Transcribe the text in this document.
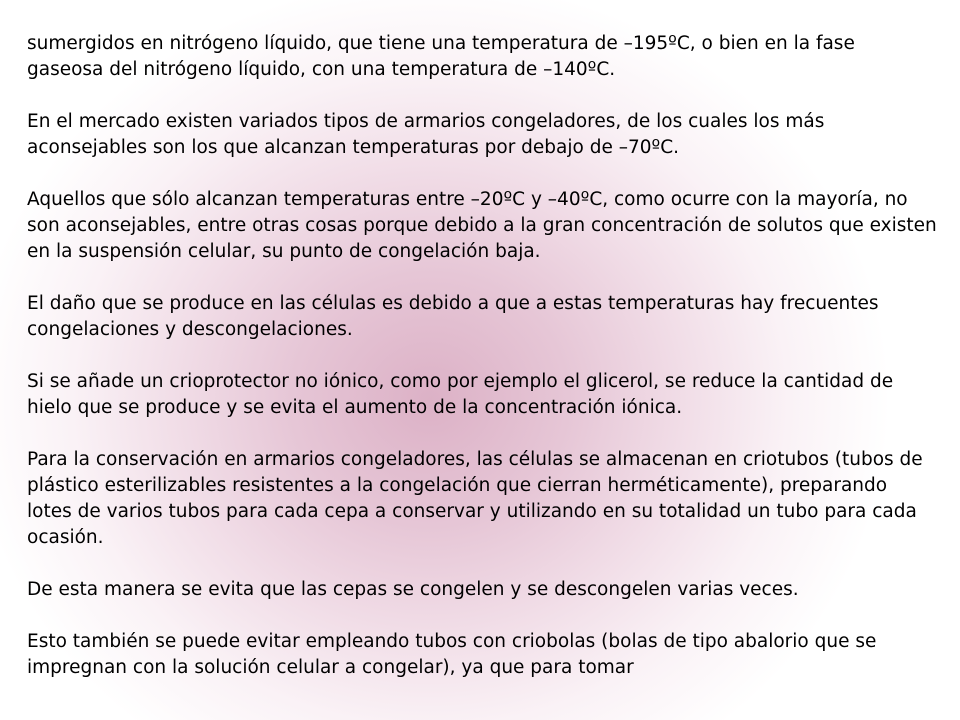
sumergidos en nitrógeno líquido, que tiene una temperatura de –195ºC, o bien en la fase gaseosa del nitrógeno líquido, con una temperatura de –140ºC.

En el mercado existen variados tipos de armarios congeladores, de los cuales los más aconsejables son los que alcanzan temperaturas por debajo de –70ºC.

Aquellos que sólo alcanzan temperaturas entre –20ºC y –40ºC, como ocurre con la mayoría, no son aconsejables, entre otras cosas porque debido a la gran concentración de solutos que existen en la suspensión celular, su punto de congelación baja.

El daño que se produce en las células es debido a que a estas temperaturas hay frecuentes congelaciones y descongelaciones.

Si se añade un crioprotector no iónico, como por ejemplo el glicerol, se reduce la cantidad de hielo que se produce y se evita el aumento de la concentración iónica.

Para la conservación en armarios congeladores, las células se almacenan en criotubos (tubos de plástico esterilizables resistentes a la congelación que cierran herméticamente), preparando lotes de varios tubos para cada cepa a conservar y utilizando en su totalidad un tubo para cada ocasión.

De esta manera se evita que las cepas se congelen y se descongelen varias veces.

Esto también se puede evitar empleando tubos con criobolas (bolas de tipo abalorio que se impregnan con la solución celular a congelar), ya que para tomar
